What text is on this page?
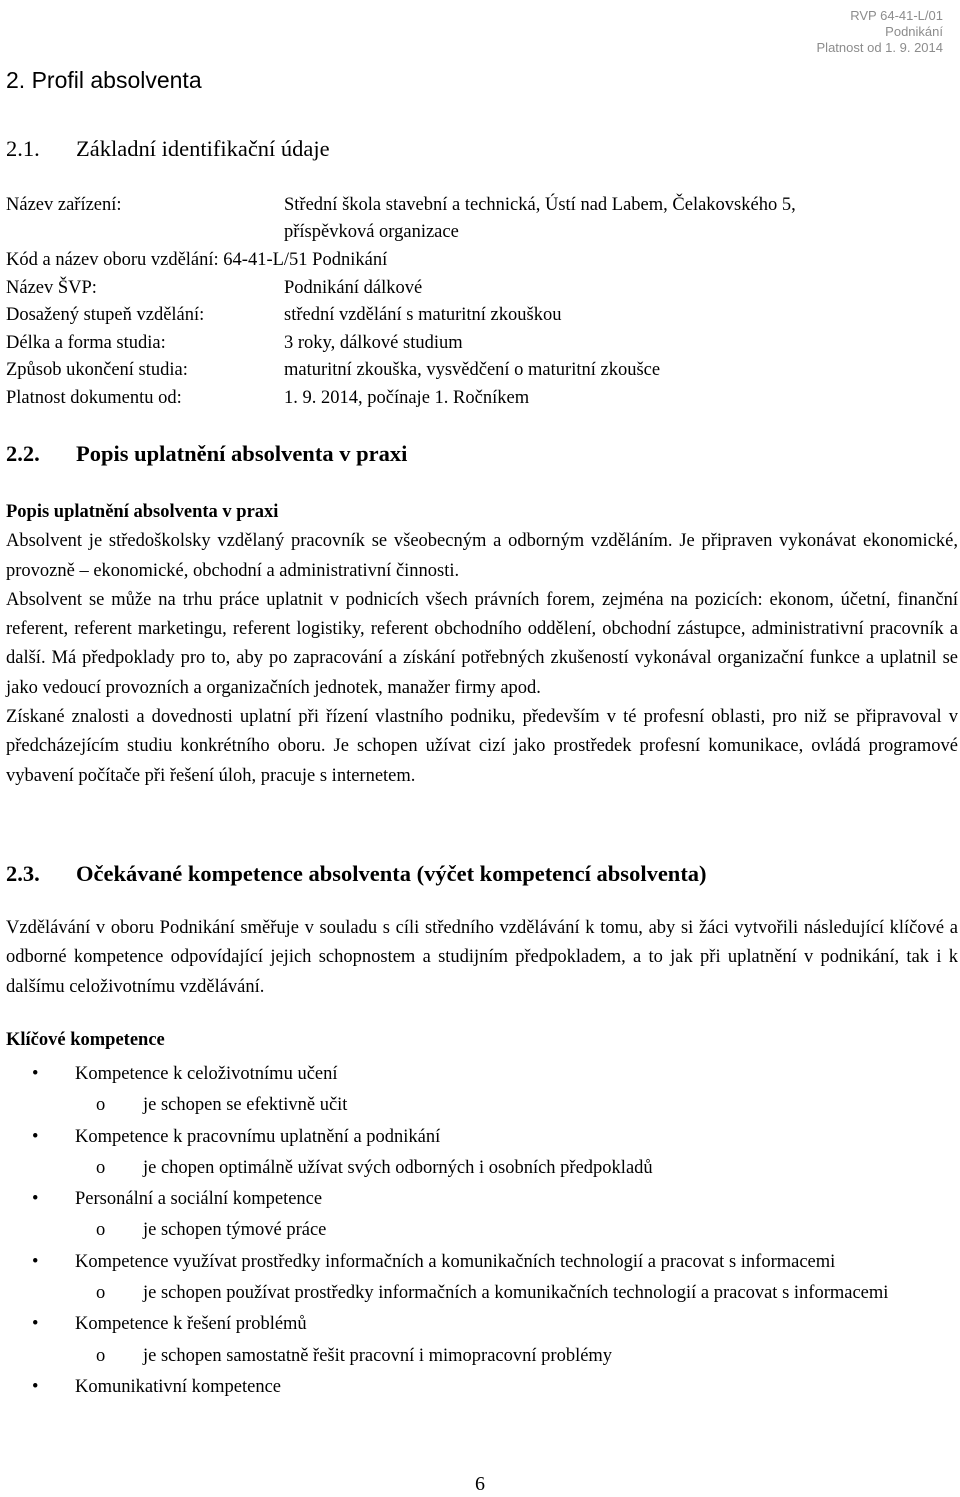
RVP 64-41-L/01
Podnikání
Platnost od 1. 9. 2014
2. Profil absolventa
2.1. Základní identifikační údaje
Název zařízení:	Střední škola stavební a technická, Ústí nad Labem, Čelakovského 5,
příspěvková organizace
Kód a název oboru vzdělání: 64-41-L/51 Podnikání
Název ŠVP:	Podnikání dálkové
Dosažený stupeň vzdělání:	střední vzdělání s maturitní zkouškou
Délka a forma studia:	3 roky, dálkové studium
Způsob ukončení studia:	maturitní zkouška, vysvědčení o maturitní zkoušce
Platnost dokumentu od:	1. 9. 2014, počínaje 1. Ročníkem
2.2. Popis uplatnění absolventa v praxi
Popis uplatnění absolventa v praxi
Absolvent je středoškolsky vzdělaný pracovník se všeobecným a odborným vzděláním. Je připraven vykonávat ekonomické, provozně – ekonomické, obchodní a administrativní činnosti.
Absolvent se může na trhu práce uplatnit v podnicích všech právních forem, zejména na pozicích: ekonom, účetní, finanční referent, referent marketingu, referent logistiky, referent obchodního oddělení, obchodní zástupce, administrativní pracovník a další. Má předpoklady pro to, aby po zapracování a získání potřebných zkušeností vykonával organizační funkce a uplatnil se jako vedoucí provozních a organizačních jednotek, manažer firmy apod.
Získané znalosti a dovednosti uplatní při řízení vlastního podniku, především v té profesní oblasti, pro niž se připravoval v předcházejícím studiu konkrétního oboru. Je schopen užívat cizí jako prostředek profesní komunikace, ovládá programové vybavení počítače při řešení úloh, pracuje s internetem.
2.3. Očekávané kompetence absolventa (výčet kompetencí absolventa)
Vzdělávání v oboru Podnikání směřuje v souladu s cíli středního vzdělávání k tomu, aby si žáci vytvořili následující klíčové a odborné kompetence odpovídající jejich schopnostem a studijním předpokladem, a to jak při uplatnění v podnikání, tak i k dalšímu celoživotnímu vzdělávání.
Klíčové kompetence
• Kompetence k celoživotnímu učení
o je schopen se efektivně učit
• Kompetence k pracovnímu uplatnění a podnikání
o je chopen optimálně užívat svých odborných i osobních předpokladů
• Personální a sociální kompetence
o je schopen týmové práce
• Kompetence využívat prostředky informačních a komunikačních technologií a pracovat s informacemi
o je schopen používat prostředky informačních a komunikačních technologií a pracovat s informacemi
• Kompetence k řešení problémů
o je schopen samostatně řešit pracovní i mimopracovní problémy
• Komunikativní kompetence
6
